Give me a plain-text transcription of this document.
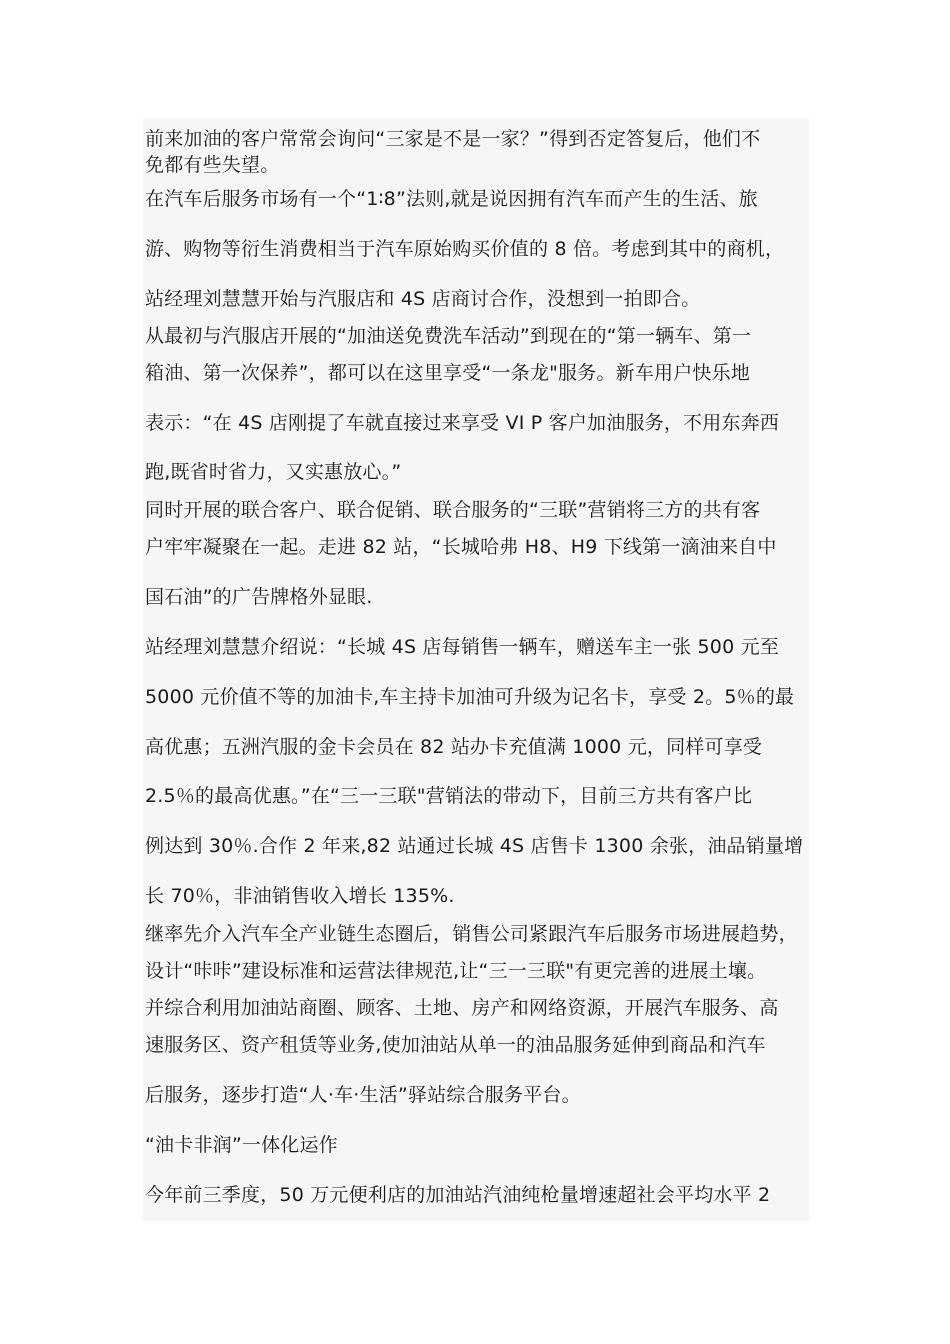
前来加油的客户常常会询问“三家是不是一家？”得到否定答复后，他们不
免都有些失望。
在汽车后服务市场有一个“1∶8”法则,就是说因拥有汽车而产生的生活、旅
游、购物等衍生消费相当于汽车原始购买价值的 8 倍。考虑到其中的商机，
站经理刘慧慧开始与汽服店和 4S 店商讨合作，没想到一拍即合。
从最初与汽服店开展的“加油送免费洗车活动”到现在的“第一辆车、第一
箱油、第一次保养”，都可以在这里享受“一条龙"服务。新车用户快乐地
表示：“在 4S 店刚提了车就直接过来享受 VI P 客户加油服务，不用东奔西
跑,既省时省力，又实惠放心。”
同时开展的联合客户、联合促销、联合服务的“三联”营销将三方的共有客
户牢牢凝聚在一起。走进 82 站，“长城哈弗 H8、H9 下线第一滴油来自中
国石油”的广告牌格外显眼.
站经理刘慧慧介绍说：“长城 4S 店每销售一辆车，赠送车主一张 500 元至
5000 元价值不等的加油卡,车主持卡加油可升级为记名卡，享受 2。5％的最
高优惠；五洲汽服的金卡会员在 82 站办卡充值满 1000 元，同样可享受
2.5％的最高优惠。”在“三一三联"营销法的带动下，目前三方共有客户比
例达到 30％.合作 2 年来,82 站通过长城 4S 店售卡 1300 余张，油品销量增
长 70％，非油销售收入增长 135%.
继率先介入汽车全产业链生态圈后，销售公司紧跟汽车后服务市场进展趋势，
设计“咔咔”建设标准和运营法律规范,让“三一三联"有更完善的进展土壤。
并综合利用加油站商圈、顾客、土地、房产和网络资源，开展汽车服务、高
速服务区、资产租赁等业务,使加油站从单一的油品服务延伸到商品和汽车
后服务，逐步打造“人·车·生活”驿站综合服务平台。
“油卡非润”一体化运作
今年前三季度，50 万元便利店的加油站汽油纯枪量增速超社会平均水平 2
